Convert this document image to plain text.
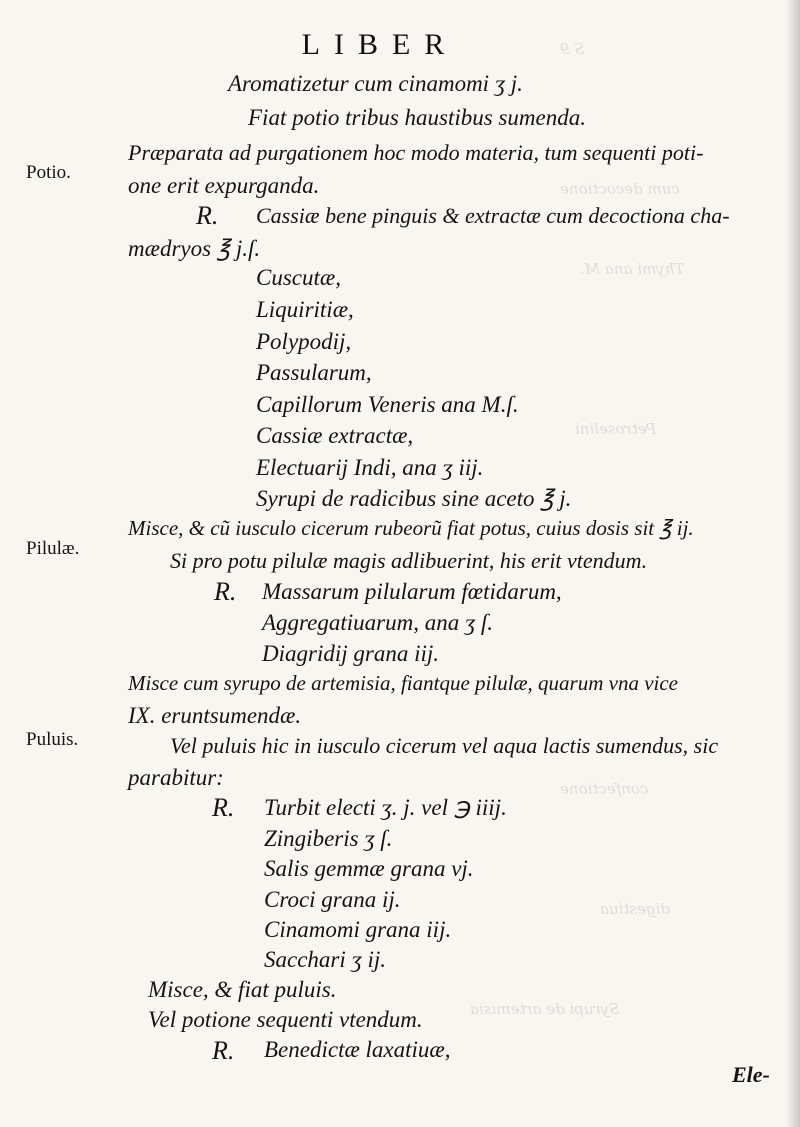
S 9
cum decoctione
Thymi ana M.
Petroselini
confectione
digestiua
Syrupi de artemisia
LIBER
Potio.
Pilulæ.
Puluis.
Aromatizetur cum cinamomi ʒ j.
Fiat potio tribus haustibus sumenda.
Præparata ad purgationem hoc modo materia, tum sequenti poti-
one erit expurganda.
R. Cassiæ bene pinguis & extractæ cum decoctiona cha-
mædryos ℥ j.ſ.
Cuscutæ,
Liquiritiæ,
Polypodij,
Passularum,
Capillorum Veneris ana M.ſ.
Cassiæ extractæ,
Electuarij Indi, ana ʒ iij.
Syrupi de radicibus sine aceto ℥ j.
Misce, & cũ iusculo cicerum rubeorũ fiat potus, cuius dosis sit ℥ ij.
Si pro potu pilulæ magis adlibuerint, his erit vtendum.
R. Massarum pilularum fœtidarum,
Aggregatiuarum, ana ʒ ſ.
Diagridij grana iij.
Misce cum syrupo de artemisia, fiantque pilulæ, quarum vna vice
IX. eruntsumendæ.
Vel puluis hic in iusculo cicerum vel aqua lactis sumendus, sic
parabitur:
R. Turbit electi ʒ. j. vel ℈ iiij.
Zingiberis ʒ ſ.
Salis gemmæ grana vj.
Croci grana ij.
Cinamomi grana iij.
Sacchari ʒ ij.
Misce, & fiat puluis.
Vel potione sequenti vtendum.
R. Benedictæ laxatiuæ,
Ele-
